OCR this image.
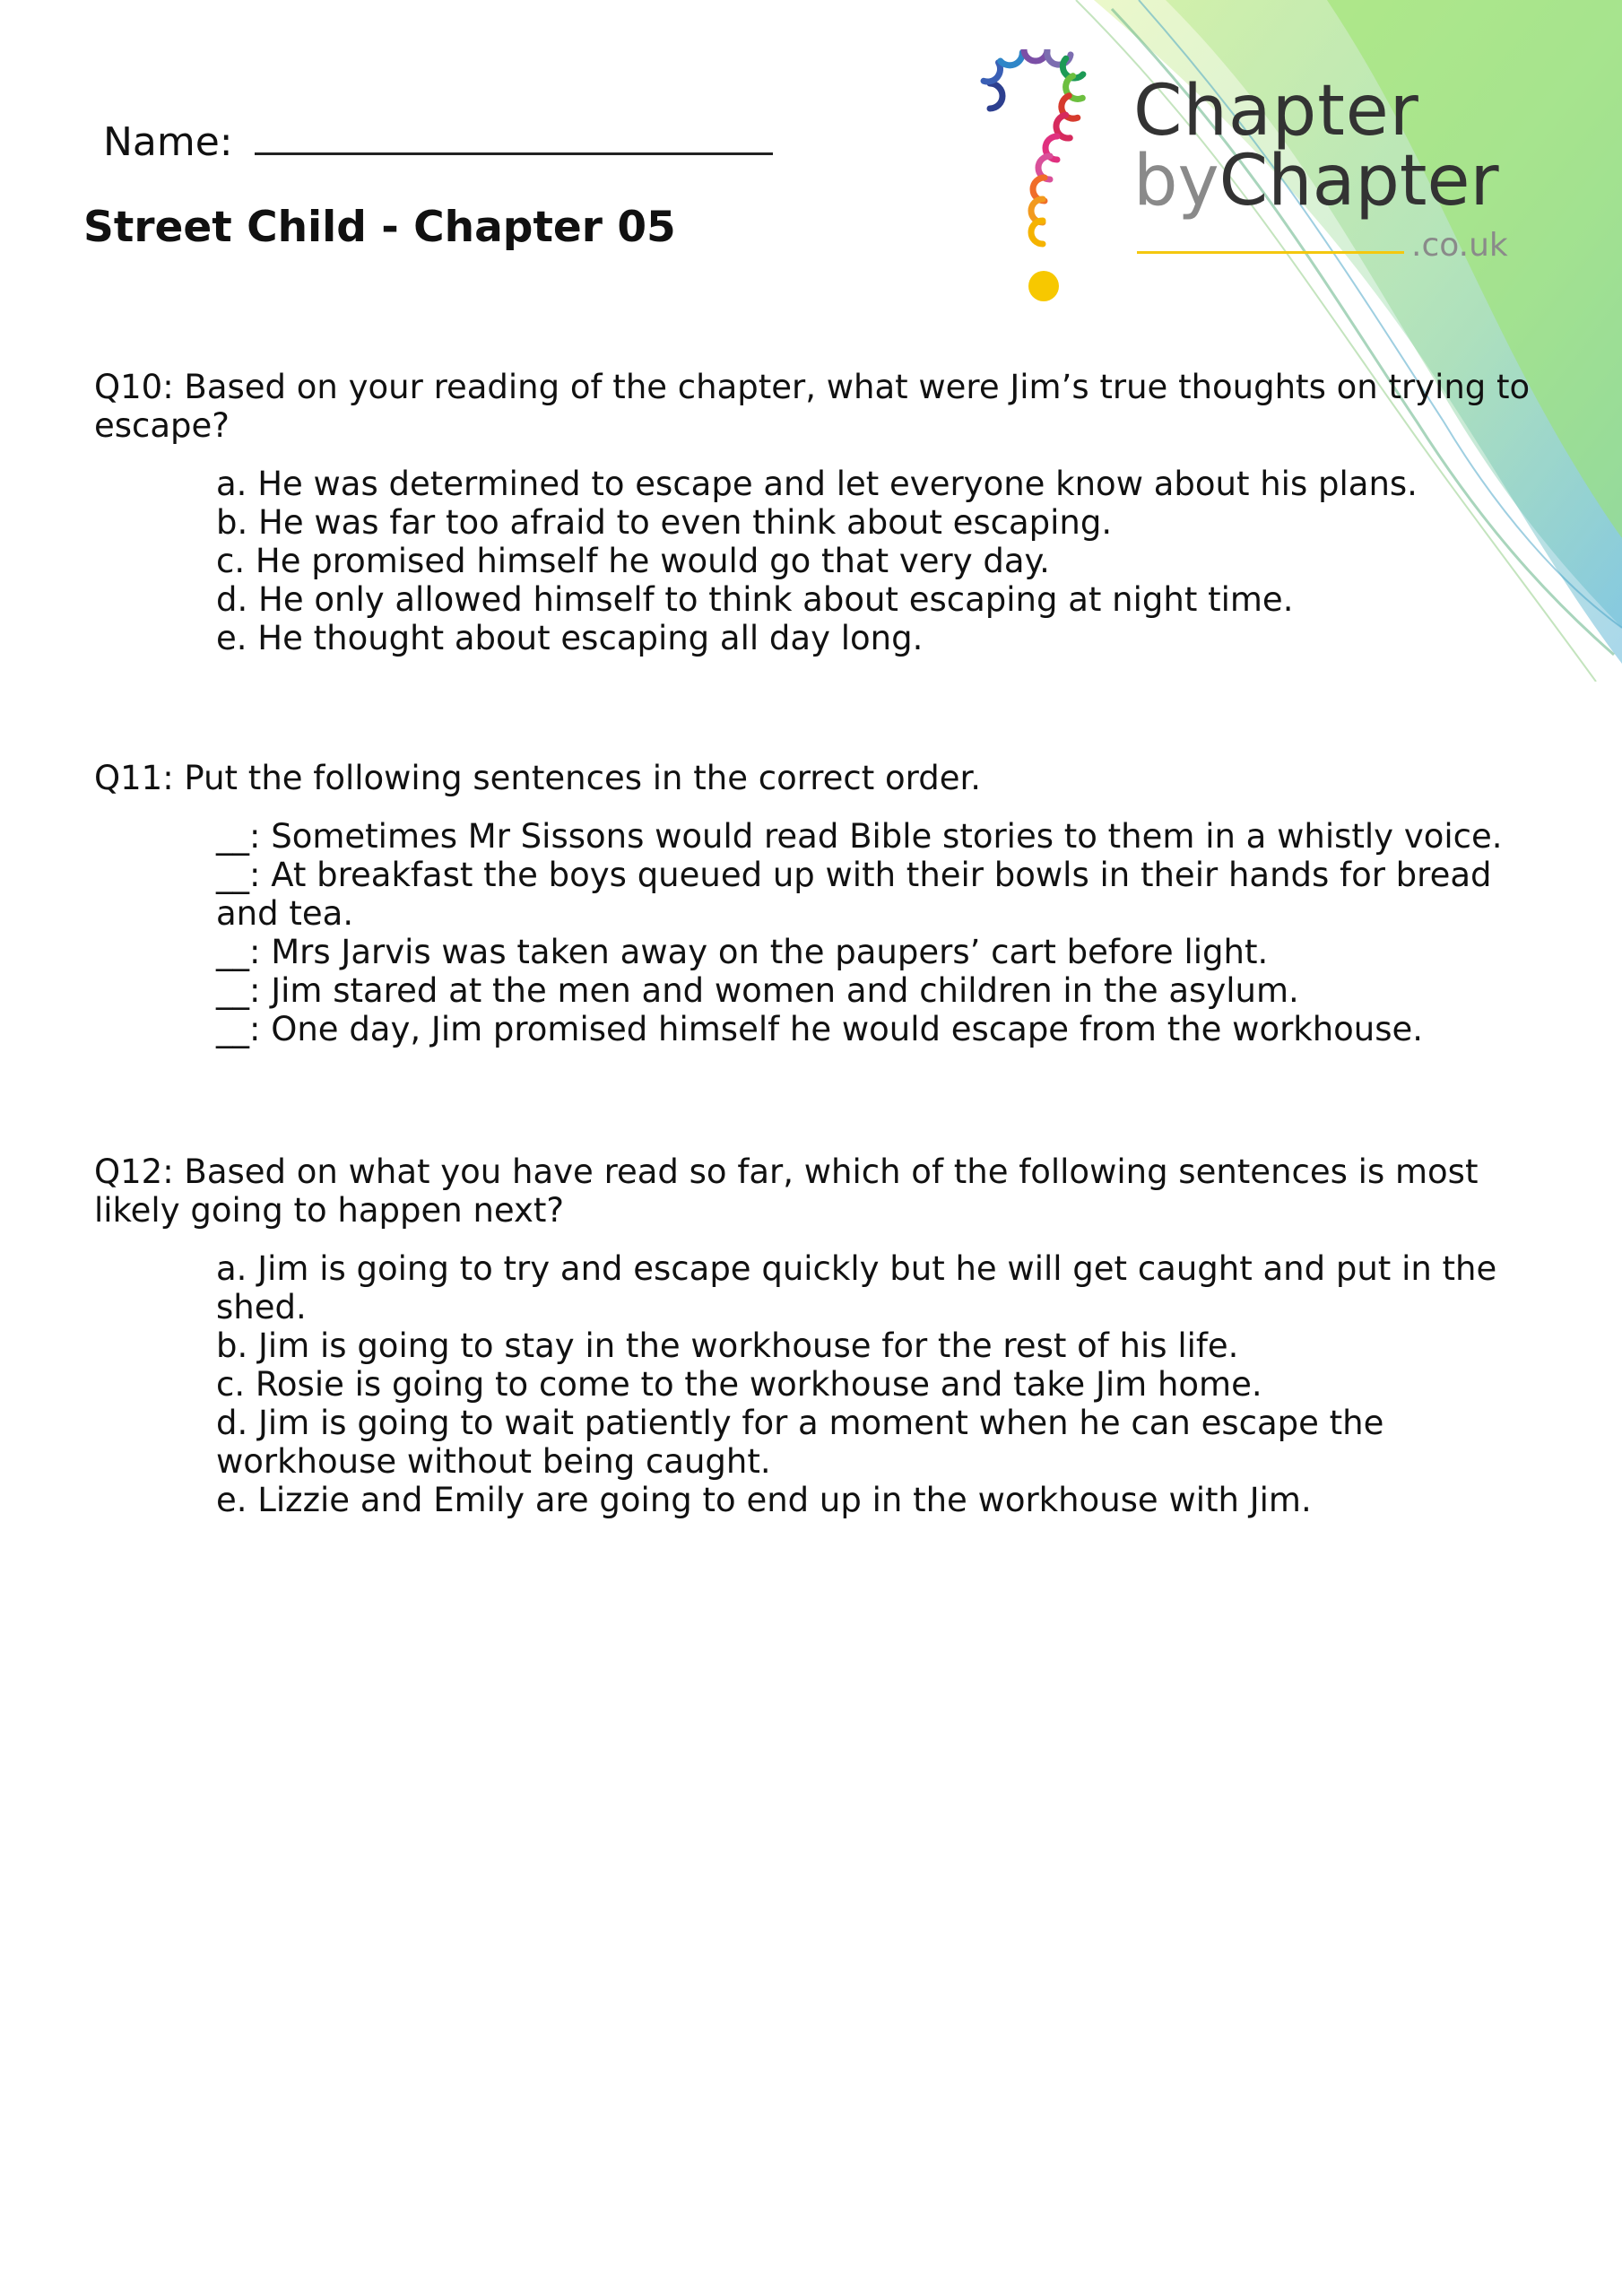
Chapter
byChapter
.co.uk
Name:
Street Child - Chapter 05

Q10: Based on your reading of the chapter, what were Jim’s true thoughts on trying to escape?

a. He was determined to escape and let everyone know about his plans.
b. He was far too afraid to even think about escaping.
c. He promised himself he would go that very day.
d. He only allowed himself to think about escaping at night time.
e. He thought about escaping all day long.

Q11: Put the following sentences in the correct order.

__: Sometimes Mr Sissons would read Bible stories to them in a whistly voice.
__: At breakfast the boys queued up with their bowls in their hands for bread and tea.
__: Mrs Jarvis was taken away on the paupers’ cart before light.
__: Jim stared at the men and women and children in the asylum.
__: One day, Jim promised himself he would escape from the workhouse.

Q12: Based on what you have read so far, which of the following sentences is most likely going to happen next?

a. Jim is going to try and escape quickly but he will get caught and put in the shed.
b. Jim is going to stay in the workhouse for the rest of his life.
c. Rosie is going to come to the workhouse and take Jim home.
d. Jim is going to wait patiently for a moment when he can escape the workhouse without being caught.
e. Lizzie and Emily are going to end up in the workhouse with Jim.
